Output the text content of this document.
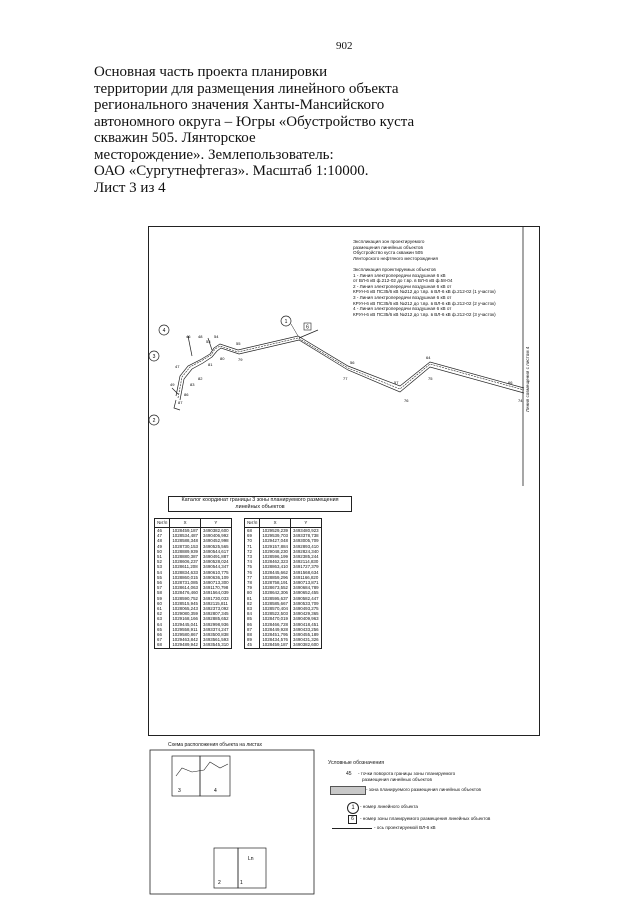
902
Основная часть проекта планировки
территории для размещения линейного объекта
регионального значения Ханты-Мансийского
автономного округа – Югры «Обустройство куста
скважин 505. Лянторское
месторождение». Землепользователь:
ОАО «Сургутнефтегаз». Масштаб 1:10000.
Лист 3 из 4
1
2
3
4
6
46
47
48
49
53
54
55
56
57
64
66
74
75
76
77
79
80
81
82
83
86
87
Экспликация зон проектируемого
размещения линейных объектов
Обустройство куста скважин 505
Лянторского нефтяного месторождения
Экспликация проектируемых объектов
1 - Линия электропередачи воздушная 6 кВ
от ВЛ-6 кВ ф.212-02 до т.вр. в ВЛ-6 кВ ф.58-04
2 - Линия электропередачи воздушная 6 кВ от
КРУН-6 кВ ПС35/6 кВ №212 до т.вр. в ВЛ-6 кВ ф.212-02 (1 участок)
3 - Линия электропередачи воздушная 6 кВ от
КРУН-6 кВ ПС35/6 кВ №212 до т.вр. в ВЛ-6 кВ ф.212-02 (2 участок)
4 - Линия электропередачи воздушная 6 кВ от
КРУН-6 кВ ПС35/6 кВ №212 до т.вр. в ВЛ-6 кВ ф.212-02 (3 участок)
Линия совмещения с листом 4
Каталог координат границы 3 зоны планируемого размещения линейных объектов
№т/п	X	Y
46	1028459,187	3490382,600
47	1028534,487	3490406,992
48	1028588,348	3490452,998
49	1028730,153	3490525,565
50	1028889,939	3490544,617
51	1028880,387	3490491,887
52	1028606,237	3490528,024
53	1028611,208	3490544,347
54	1028834,633	3490610,775
55	1028860,015	3490636,109
56	1028731,085	3490713,300
57	1028614,063	3491170,798
58	1028476,460	3491564,039
59	1028590,752	3491730,033
60	1028515,945	3492115,811
61	1028065,243	3492373,092
62	1029080,359	3492807,345
63	1029168,166	3492885,652
64	1029445,041	3492998,936
65	1029558,911	3493374,247
66	1029580,867	3493500,838
67	1029463,842	3493561,593
68	1029489,942	3493545,310
№т/п	X	Y
68	1029529,239	3493480,923
69	1029539,703	3493378,738
70	1029427,048	3493005,709
71	1029157,884	3492893,410
72	1029048,230	3492824,340
73	1028596,199	3492385,244
74	1028462,323	3492114,830
75	1028863,410	3491727,379
76	1028445,662	3491568,634
77	1028859,296	3491166,820
78	1028758,191	3490713,871
79	1028673,552	3490684,789
80	1028642,306	3490652,455
81	1028595,637	3490582,447
82	1028585,667	3490533,709
83	1028570,404	3490493,275
84	1028522,503	3490429,365
85	1028470,019	3490409,963
86	1028466,728	3490418,451
87	1028449,928	3490433,256
88	1028451,795	3490455,189
89	1028434,576	3490431,326
45	1028459,187	3490382,600
Схема расположения объекта на листах
3	4
1
2
Ln
Условные обозначения
45 - точки поворота границы зоны планируемого
размещения линейных объектов
- зона планируемого размещения линейных объектов
1	- номер линейного объекта
6	- номер зоны планируемого размещения линейных объектов
- ось проектируемой ВЛ-6 кВ
